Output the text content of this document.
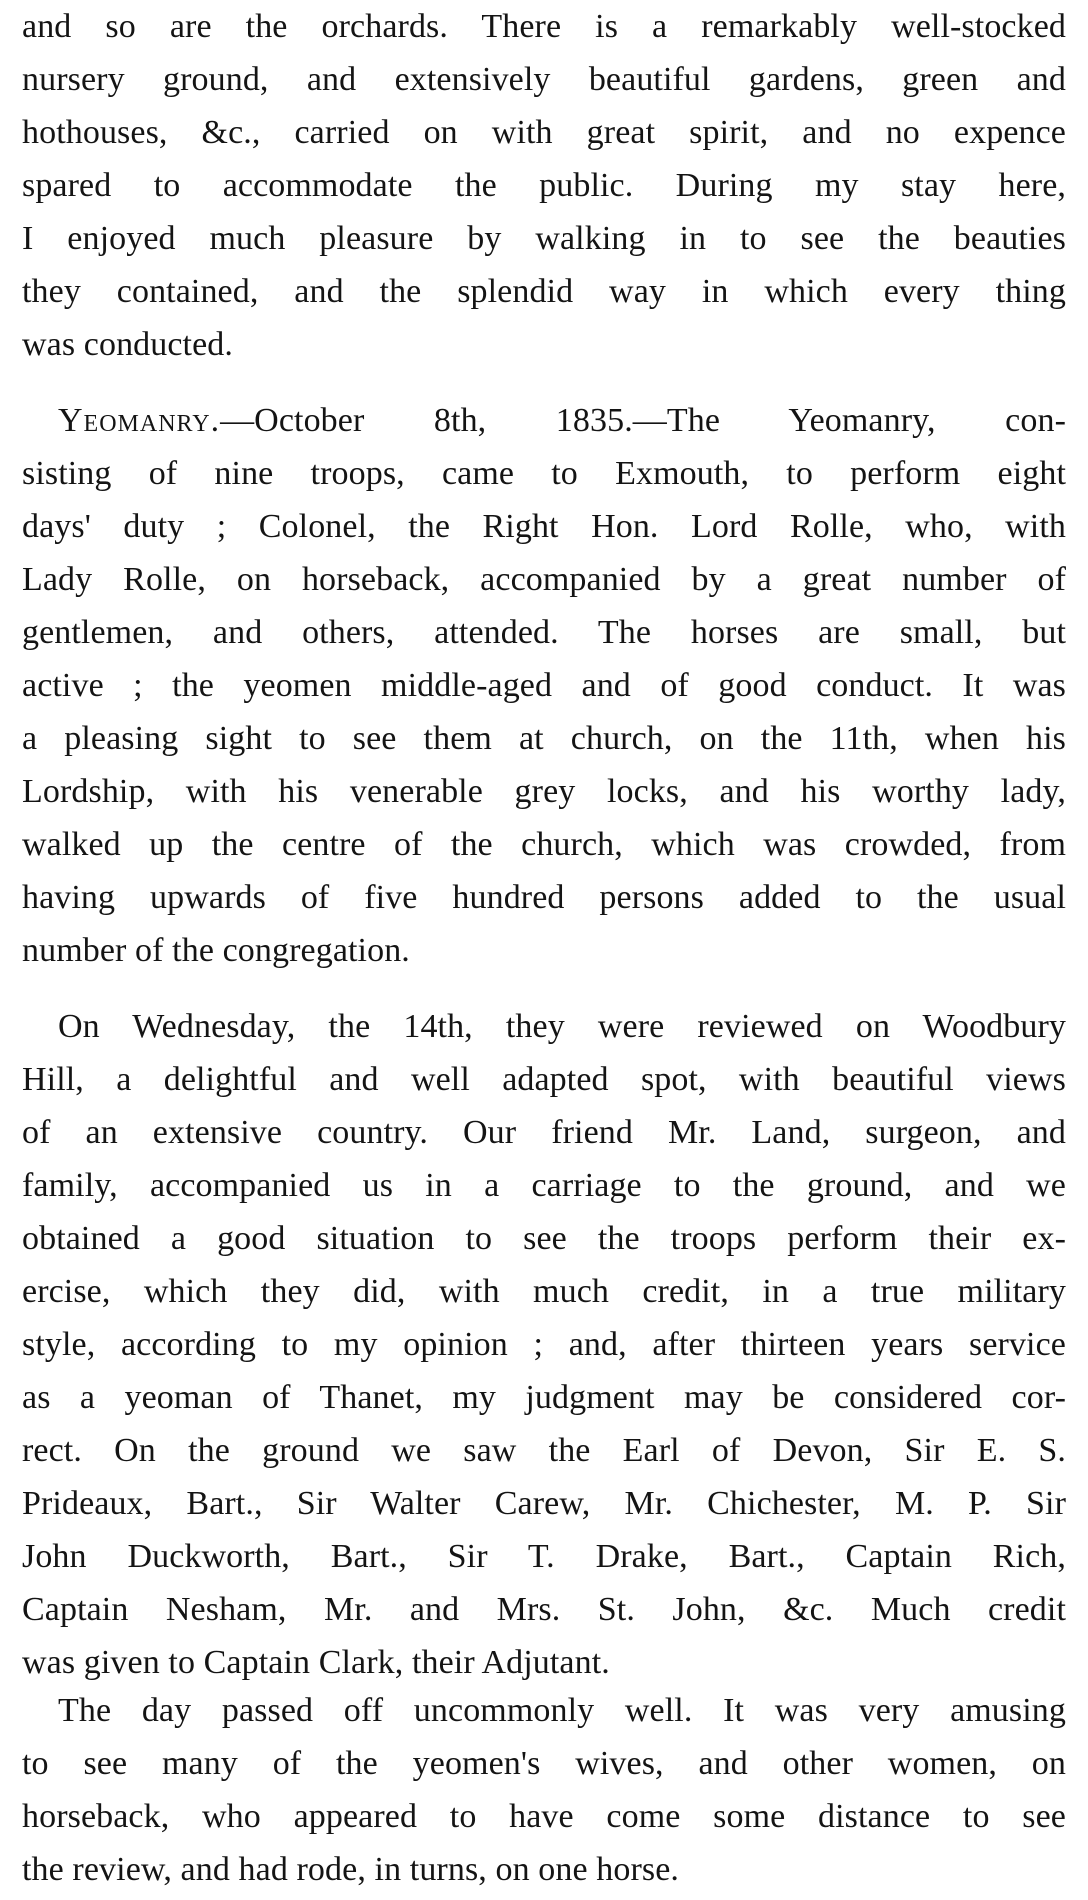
and so are the orchards. There is a remarkably well-stocked
nursery ground, and extensively beautiful gardens, green and
hothouses, &c., carried on with great spirit, and no expence
spared to accommodate the public. During my stay here,
I enjoyed much pleasure by walking in to see the beauties
they contained, and the splendid way in which every thing
was conducted.
Yeomanry.—October 8th, 1835.—The Yeomanry, con-
sisting of nine troops, came to Exmouth, to perform eight
days' duty ; Colonel, the Right Hon. Lord Rolle, who, with
Lady Rolle, on horseback, accompanied by a great number of
gentlemen, and others, attended. The horses are small, but
active ; the yeomen middle-aged and of good conduct. It was
a pleasing sight to see them at church, on the 11th, when his
Lordship, with his venerable grey locks, and his worthy lady,
walked up the centre of the church, which was crowded, from
having upwards of five hundred persons added to the usual
number of the congregation.
On Wednesday, the 14th, they were reviewed on Woodbury
Hill, a delightful and well adapted spot, with beautiful views
of an extensive country. Our friend Mr. Land, surgeon, and
family, accompanied us in a carriage to the ground, and we
obtained a good situation to see the troops perform their ex-
ercise, which they did, with much credit, in a true military
style, according to my opinion ; and, after thirteen years service
as a yeoman of Thanet, my judgment may be considered cor-
rect. On the ground we saw the Earl of Devon, Sir E. S.
Prideaux, Bart., Sir Walter Carew, Mr. Chichester, M. P. Sir
John Duckworth, Bart., Sir T. Drake, Bart., Captain Rich,
Captain Nesham, Mr. and Mrs. St. John, &c. Much credit
was given to Captain Clark, their Adjutant.
The day passed off uncommonly well. It was very amusing
to see many of the yeomen's wives, and other women, on
horseback, who appeared to have come some distance to see
the review, and had rode, in turns, on one horse.
